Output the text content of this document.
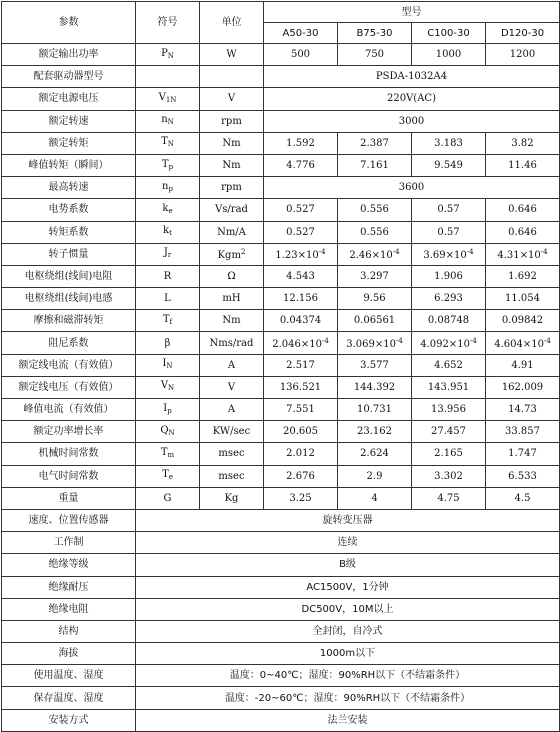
参数	符号	单位	型号			
			A50-30	B75-30	C100-30	D120-30
额定输出功率	$P_N$	W	500	750	1000	1200
配套驱动器型号			PSDA-1032A4			
额定电源电压	$V_{1N}$	V	220V(AC)			
额定转速	$n_N$	rpm	3000			
额定转矩	$T_N$	Nm	1.592	2.387	3.183	3.82
峰值转矩（瞬间）	$T_p$	Nm	4.776	7.161	9.549	11.46
最高转速	$n_p$	rpm	3600			
电势系数	$k_e$	Vs/rad	0.527	0.556	0.57	0.646
转矩系数	$k_t$	Nm/A	0.527	0.556	0.57	0.646
转子惯量	$J_r$	Kgm$^2$	$1.23\times 10^{-4}$	$2.46\times 10^{-4}$	$3.69\times 10^{-4}$	$4.31\times 10^{-4}$
电枢绕组(线间)电阻	R	Ω	4.543	3.297	1.906	1.692
电枢绕组(线间)电感	L	mH	12.156	9.56	6.293	11.054
摩擦和磁滞转矩	$T_f$	Nm	0.04374	0.06561	0.08748	0.09842
阻尼系数	β	Nms/rad	$2.046\times 10^{-4}$	$3.069\times 10^{-4}$	$4.092\times 10^{-4}$	$4.604\times 10^{-4}$
额定线电流（有效值）	$I_N$	A	2.517	3.577	4.652	4.91
额定线电压（有效值）	$V_N$	V	136.521	144.392	143.951	162.009
峰值电流（有效值）	$I_p$	A	7.551	10.731	13.956	14.73
额定功率增长率	$Q_N$	KW/sec	20.605	23.162	27.457	33.857
机械时间常数	$T_m$	msec	2.012	2.624	2.165	1.747
电气时间常数	$T_e$	msec	2.676	2.9	3.302	6.533
重量	G	Kg	3.25	4	4.75	4.5
速度、位置传感器	旋转变压器					
工作制	连续					
绝缘等级	B级					
绝缘耐压	AC1500V，1分钟					
绝缘电阻	DC500V，10M以上					
结构	全封闭，自冷式					
海拔	1000m以下					
使用温度、湿度	温度：0~40℃；湿度：90%RH以下（不结霜条件）					
保存温度、湿度	温度：-20~60℃；湿度：90%RH以下（不结霜条件）					
安装方式	法兰安装					
